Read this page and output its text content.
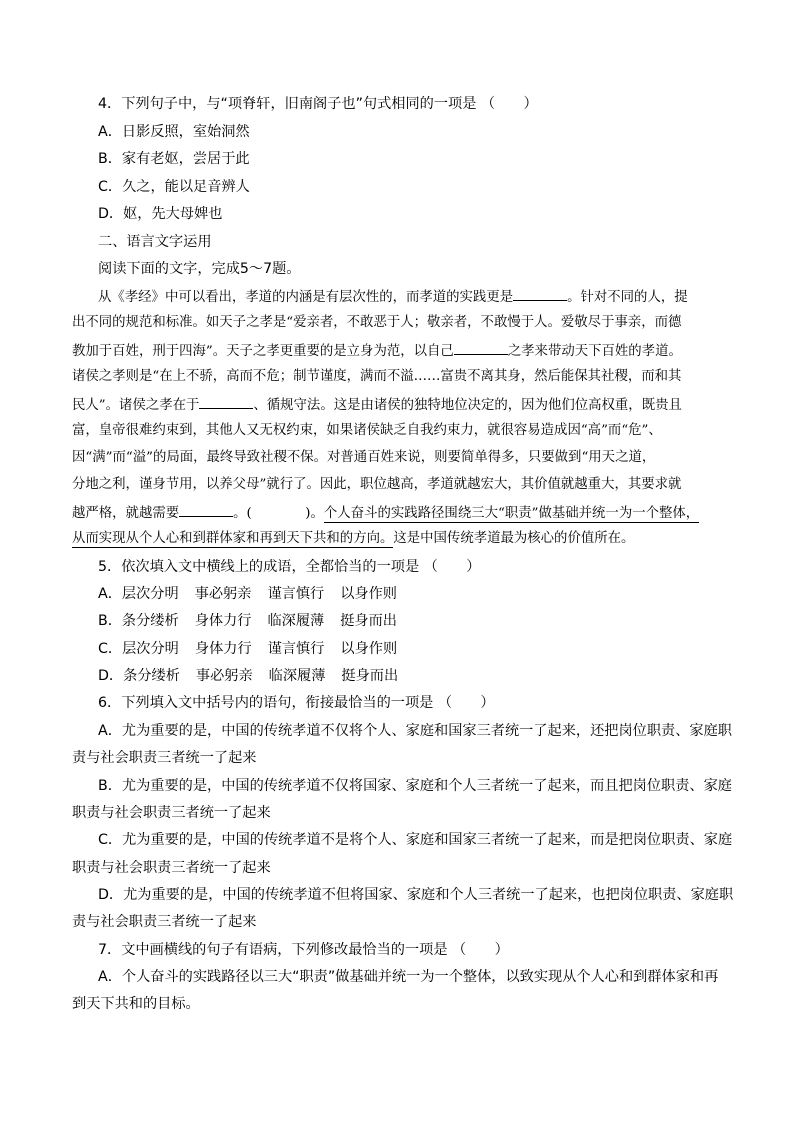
4．下列句子中，与“项脊轩，旧南阁子也”句式相同的一项是 （　　）
A．日影反照，室始洞然
B．家有老妪，尝居于此
C．久之，能以足音辨人
D．妪，先大母婢也
二、语言文字运用
阅读下面的文字，完成5～7题。
从《孝经》中可以看出，孝道的内涵是有层次性的，而孝道的实践更是	。针对不同的人，提
出不同的规范和标准。如天子之孝是“爱亲者，不敢恶于人；敬亲者，不敢慢于人。爱敬尽于事亲，而德
教加于百姓，刑于四海”。天子之孝更重要的是立身为范，以自己	之孝来带动天下百姓的孝道。
诸侯之孝则是“在上不骄，高而不危；制节谨度，满而不溢……富贵不离其身，然后能保其社稷，而和其
民人”。诸侯之孝在于	、循规守法。这是由诸侯的独特地位决定的，因为他们位高权重，既贵且
富，皇帝很难约束到，其他人又无权约束，如果诸侯缺乏自我约束力，就很容易造成因“高”而“危”、
因“满”而“溢”的局面，最终导致社稷不保。对普通百姓来说，则要简单得多，只要做到“用天之道，
分地之利，谨身节用，以养父母”就行了。因此，职位越高，孝道就越宏大，其价值就越重大，其要求就
越严格，就越需要	。(　　　　)。个人奋斗的实践路径围绕三大“职责”做基础并统一为一个整体，
从而实现从个人心和到群体家和再到天下共和的方向。这是中国传统孝道最为核心的价值所在。
5．依次填入文中横线上的成语，全都恰当的一项是 （　　）
A．层次分明 事必躬亲 谨言慎行 以身作则
B．条分缕析 身体力行 临深履薄 挺身而出
C．层次分明 身体力行 谨言慎行 以身作则
D．条分缕析 事必躬亲 临深履薄 挺身而出
6．下列填入文中括号内的语句，衔接最恰当的一项是 （　　）
A．尤为重要的是，中国的传统孝道不仅将个人、家庭和国家三者统一了起来，还把岗位职责、家庭职
责与社会职责三者统一了起来
B．尤为重要的是，中国的传统孝道不仅将国家、家庭和个人三者统一了起来，而且把岗位职责、家庭
职责与社会职责三者统一了起来
C．尤为重要的是，中国的传统孝道不是将个人、家庭和国家三者统一了起来，而是把岗位职责、家庭
职责与社会职责三者统一了起来
D．尤为重要的是，中国的传统孝道不但将国家、家庭和个人三者统一了起来，也把岗位职责、家庭职
责与社会职责三者统一了起来
7．文中画横线的句子有语病，下列修改最恰当的一项是 （　　）
A．个人奋斗的实践路径以三大“职责”做基础并统一为一个整体，以致实现从个人心和到群体家和再
到天下共和的目标。
